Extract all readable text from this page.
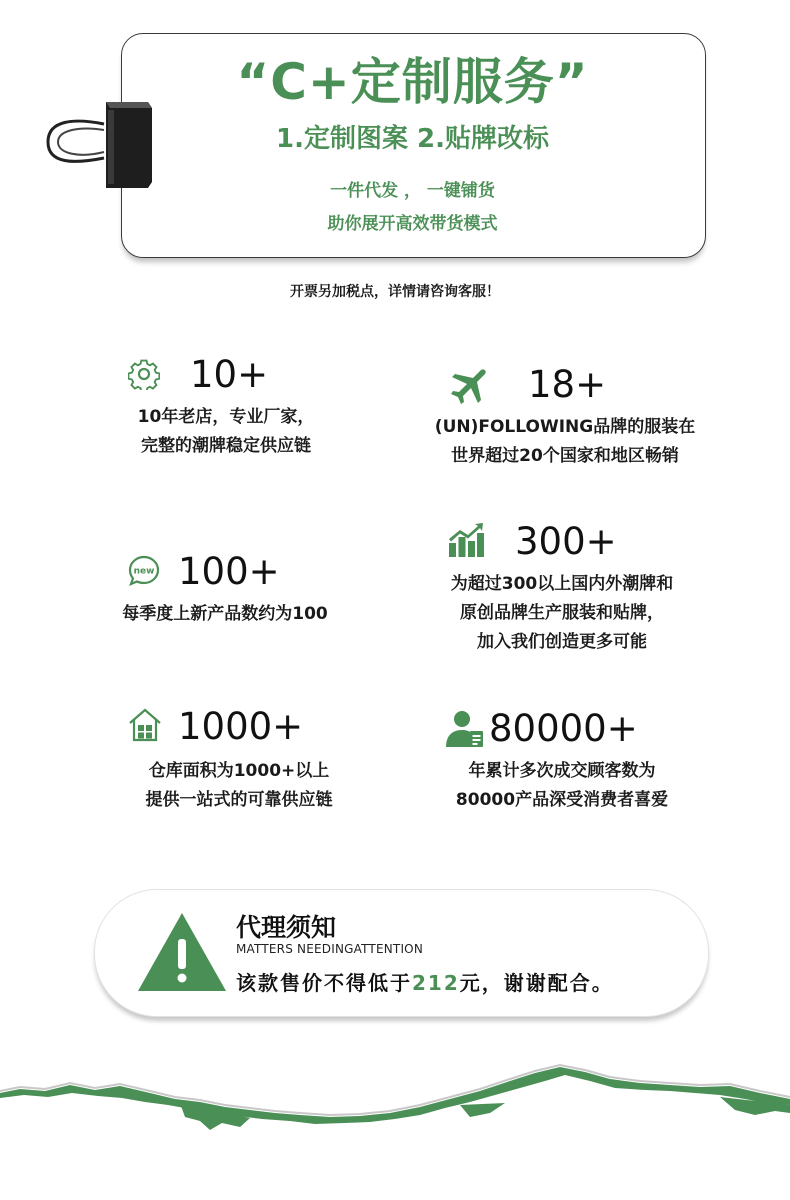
“C+定制服务”
1.定制图案 2.贴牌改标
一件代发 ， 一键铺货
助你展开高效带货模式
开票另加税点，详情请咨询客服！
10+
10年老店，专业厂家，
完整的潮牌稳定供应链
18+
(UN)FOLLOWING品牌的服装在
世界超过20个国家和地区畅销
new 100+
每季度上新产品数约为100
300+
为超过300以上国内外潮牌和
原创品牌生产服装和贴牌，
加入我们创造更多可能
1000+
仓库面积为1000+以上
提供一站式的可靠供应链
80000+
年累计多次成交顾客数为
80000产品深受消费者喜爱
代理须知
MATTERS NEEDINGATTENTION
该款售价不得低于212元，谢谢配合。
